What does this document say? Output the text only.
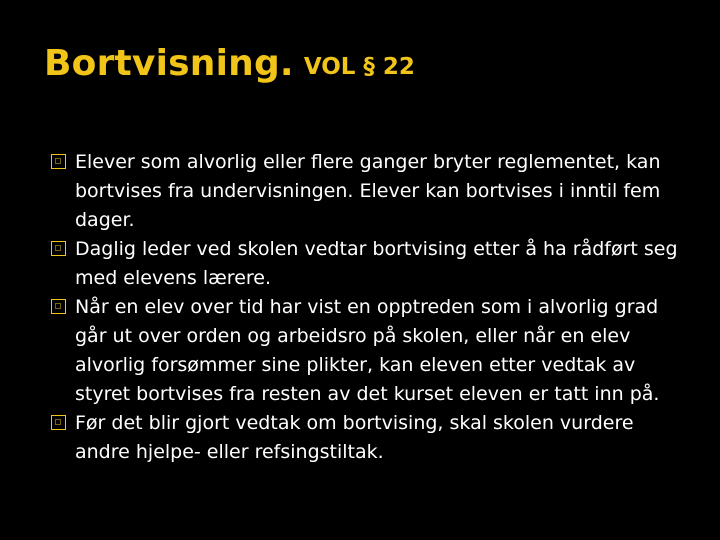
Bortvisning. VOL § 22
Elever som alvorlig eller flere ganger bryter reglementet, kan bortvises fra undervisningen. Elever kan bortvises i inntil fem dager.
Daglig leder ved skolen vedtar bortvising etter å ha rådført seg med elevens lærere.
Når en elev over tid har vist en opptreden som i alvorlig grad går ut over orden og arbeidsro på skolen, eller når en elev alvorlig forsømmer sine plikter, kan eleven etter vedtak av styret bortvises fra resten av det kurset eleven er tatt inn på.
Før det blir gjort vedtak om bortvising, skal skolen vurdere andre hjelpe- eller refsingstiltak.
